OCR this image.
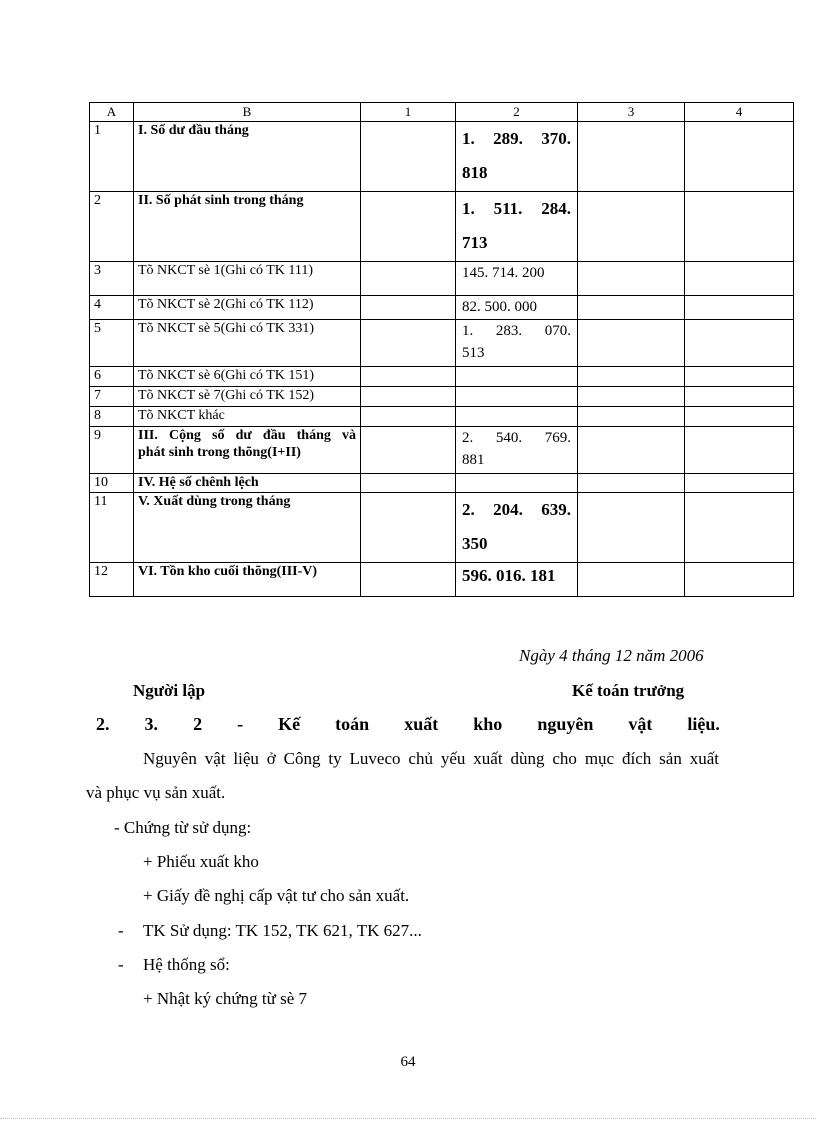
A	B	1	2	3	4
1	I. Số dư đầu tháng		1. 289. 370.
818		
2	II. Số phát sinh trong tháng		1. 511. 284.
713		
3	Tõ NKCT sè 1(Ghi có TK 111)		145. 714. 200		
4	Tõ NKCT sè 2(Ghi có TK 112)		82. 500. 000		
5	Tõ NKCT sè 5(Ghi có TK 331)		1. 283. 070.
513		
6	Tõ NKCT sè 6(Ghi có TK 151)				
7	Tõ NKCT sè 7(Ghi có TK 152)				
8	Tõ NKCT khác				
9	III. Cộng số dư đầu tháng và
phát sinh trong thõng(I+II)		2. 540. 769.
881		
10	IV. Hệ số chênh lệch				
11	V. Xuất dùng trong tháng		2. 204. 639.
350		
12	VI. Tồn kho cuối thõng(III-V)		596. 016. 181		
Ngày 4 tháng 12 năm 2006
Người lập	Kế toán trưởng
2. 3. 2 - Kế toán xuất kho nguyên vật liệu.
Nguyên vật liệu ở Công ty Luveco chủ yếu xuất dùng cho mục đích sản xuất
và phục vụ sản xuất.
- Chứng từ sử dụng:
+ Phiếu xuất kho
+ Giấy đề nghị cấp vật tư cho sản xuất.
- TK Sử dụng: TK 152, TK 621, TK 627...
- Hệ thống sổ:
+ Nhật ký chứng từ sè 7
64
